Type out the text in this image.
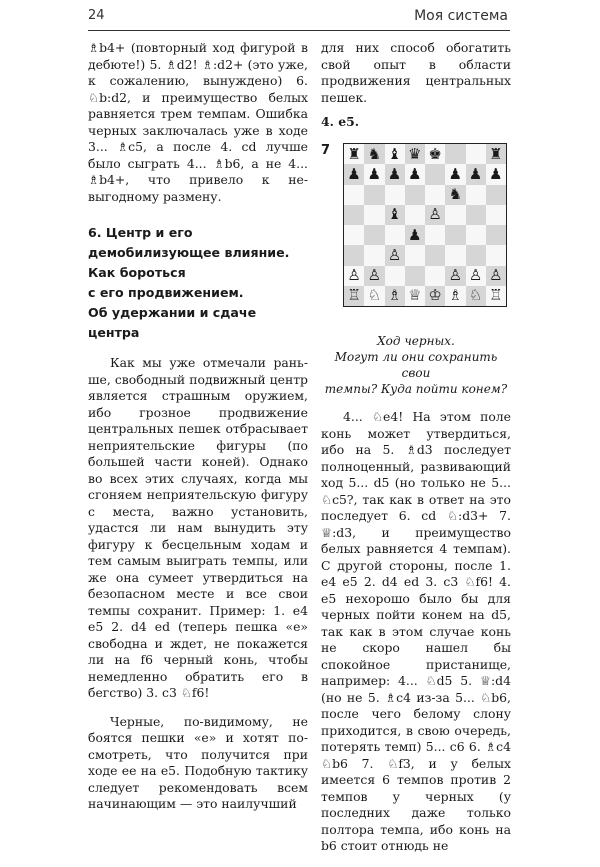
24	Моя система

♗b4+ (повторный ход фигурой в дебюте!) 5. ♗d2! ♗:d2+ (это уже, к сожалению, вынуждено) 6. ♘b:d2, и преимущество белых равняется трем темпам. Ошибка черных заключалась уже в ходе 3... ♗c5, а после 4. cd лучше было сыграть 4... ♗b6, а не 4... ♗b4+, что привело к невыгодному размену.

6. Центр и его
демобилизующее влияние.
Как бороться
с его продвижением.
Об удержании и сдаче центра

Как мы уже отмечали раньше, свободный подвижный центр является страшным оружием, ибо грозное продвижение центральных пешек отбрасывает неприятельские фигуры (по большей части коней). Однако во всех этих случаях, когда мы сгоняем неприятельскую фигуру с места, важно установить, удастся ли нам вынудить эту фигуру к бесцельным ходам и тем самым выиграть темпы, или же она сумеет утвердиться на безопасном месте и все свои темпы сохранит. Пример: 1. e4 e5 2. d4 ed (теперь пешка «e» свободна и ждет, не покажется ли на f6 черный конь, чтобы немедленно обратить его в бегство) 3. c3 ♘f6!

Черные, по-видимому, не боятся пешки «e» и хотят посмотреть, что получится при ходе ее на e5. Подобную тактику следует рекомендовать всем начинающим — это наилучший

для них способ обогатить свой опыт в области продвижения центральных пешек.

4. e5.
7 ♜ ♞ ♝ ♛ ♚	♜
♟ ♟ ♟ ♟ ♟ ♟ ♟
♞
♝ ♙
♟
♙
♙ ♙	♙ ♙ ♙
♖ ♘ ♗ ♕ ♔ ♗ ♘ ♖
Ход черных.
Могут ли они сохранить свои
темпы? Куда пойти конем?

4... ♘e4! На этом поле конь может утвердиться, ибо на 5. ♗d3 последует полноценный, развивающий ход 5... d5 (но только не 5... ♘c5?, так как в ответ на это последует 6. cd ♘:d3+ 7. ♕:d3, и преимущество белых равняется 4 темпам). С другой стороны, после 1. e4 e5 2. d4 ed 3. c3 ♘f6! 4. e5 нехорошо было бы для черных пойти конем на d5, так как в этом случае конь не скоро нашел бы спокойное пристанище, например: 4... ♘d5 5. ♕:d4 (но не 5. ♗c4 из-за 5... ♘b6, после чего белому слону приходится, в свою очередь, потерять темп) 5... c6 6. ♗c4 ♘b6 7. ♘f3, и у белых имеется 6 темпов против 2 темпов у черных (у последних даже только полтора темпа, ибо конь на b6 стоит отнюдь не
